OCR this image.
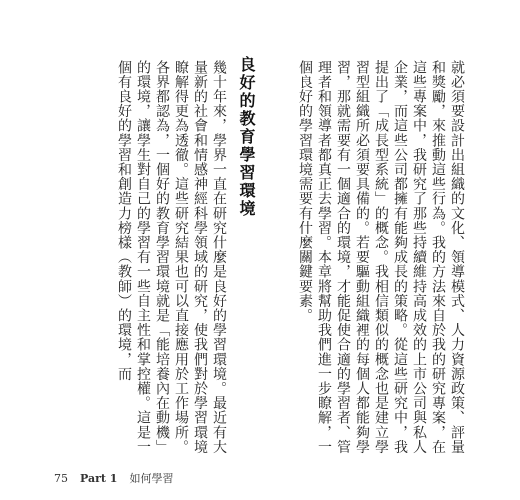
就必須要設計出組織的文化、領導模式、人力資源政策、評量和獎勵，來推動這些行為。我的方法來自於我的研究專案，在這些專案中，我研究了那些持續維持高成效的上市公司與私人企業，而這些公司都擁有能夠成長的策略。從這些研究中，我提出了「成長型系統」的概念。我相信類似的概念也是建立學習型組織所必須要具備的。若要驅動組織裡的每個人都能夠學習，那就需要有一個適合的環境，才能促使合適的學習者、管理者和領導者都真正去學習。本章將幫助我們進一步瞭解，一個良好的學習環境需要有什麼關鍵要素。
良好的教育學習環境
幾十年來，學界一直在研究什麼是良好的學習環境。最近有大量新的社會和情感神經科學領域的研究，使我們對於學習環境瞭解得更為透徹。這些研究結果也可以直接應用於工作場所。各界都認為，一個好的教育學習環境就是「能培養內在動機」的環境，讓學生對自己的學習有一些自主性和掌控權。這是一個有良好的學習和創造力榜樣（教師）的環境，而
75 Part 1 如何學習
